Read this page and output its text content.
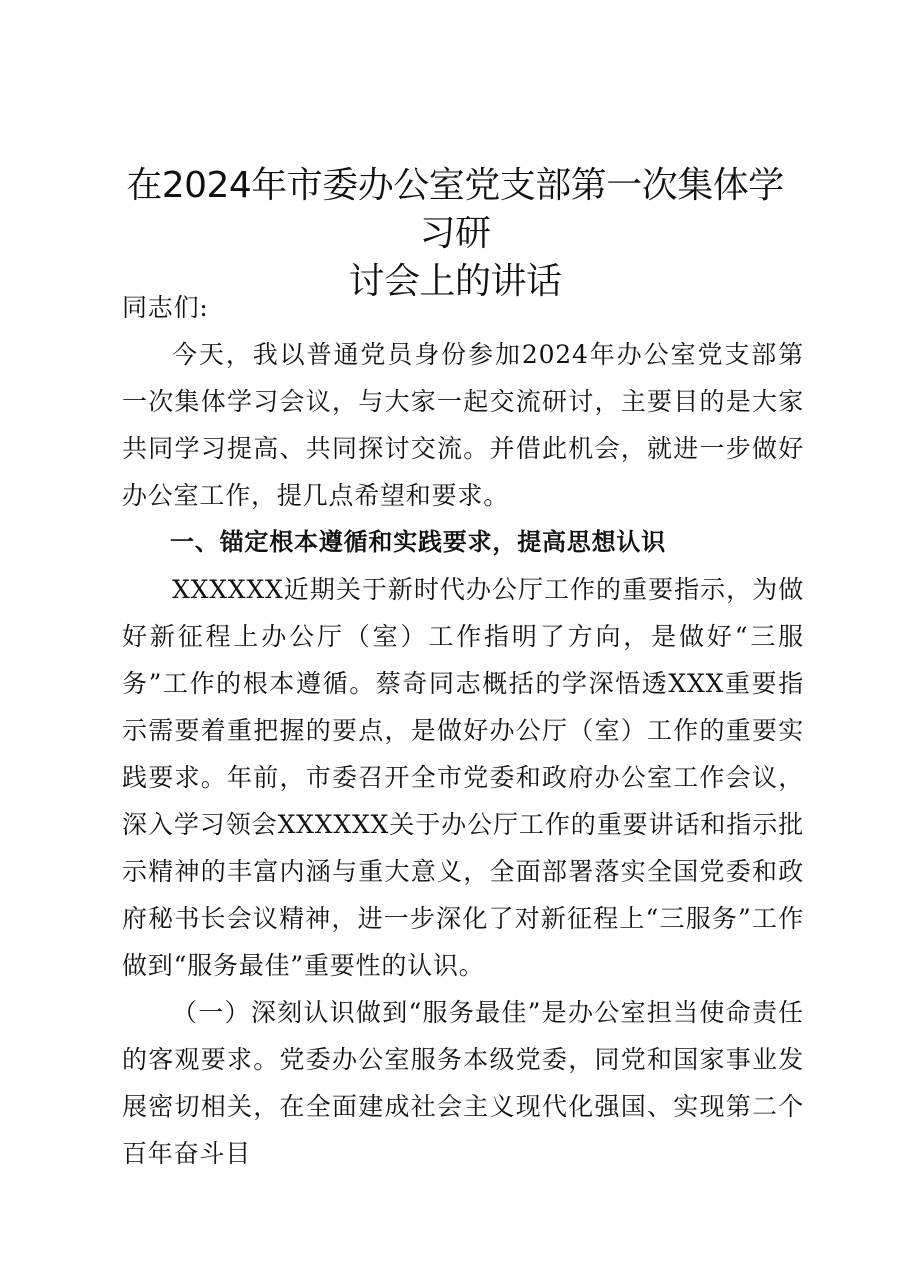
在2024年市委办公室党支部第一次集体学习研
讨会上的讲话

同志们:

今天，我以普通党员身份参加2024年办公室党支部第一次集体学习会议，与大家一起交流研讨，主要目的是大家共同学习提高、共同探讨交流。并借此机会，就进一步做好办公室工作，提几点希望和要求。

一、锚定根本遵循和实践要求，提高思想认识

XXXXXX近期关于新时代办公厅工作的重要指示，为做好新征程上办公厅（室）工作指明了方向，是做好“三服务”工作的根本遵循。蔡奇同志概括的学深悟透XXX重要指示需要着重把握的要点，是做好办公厅（室）工作的重要实践要求。年前，市委召开全市党委和政府办公室工作会议，深入学习领会XXXXXX关于办公厅工作的重要讲话和指示批示精神的丰富内涵与重大意义，全面部署落实全国党委和政府秘书长会议精神，进一步深化了对新征程上“三服务”工作做到“服务最佳”重要性的认识。

（一）深刻认识做到“服务最佳”是办公室担当使命责任的客观要求。党委办公室服务本级党委，同党和国家事业发展密切相关，在全面建成社会主义现代化强国、实现第二个百年奋斗目
